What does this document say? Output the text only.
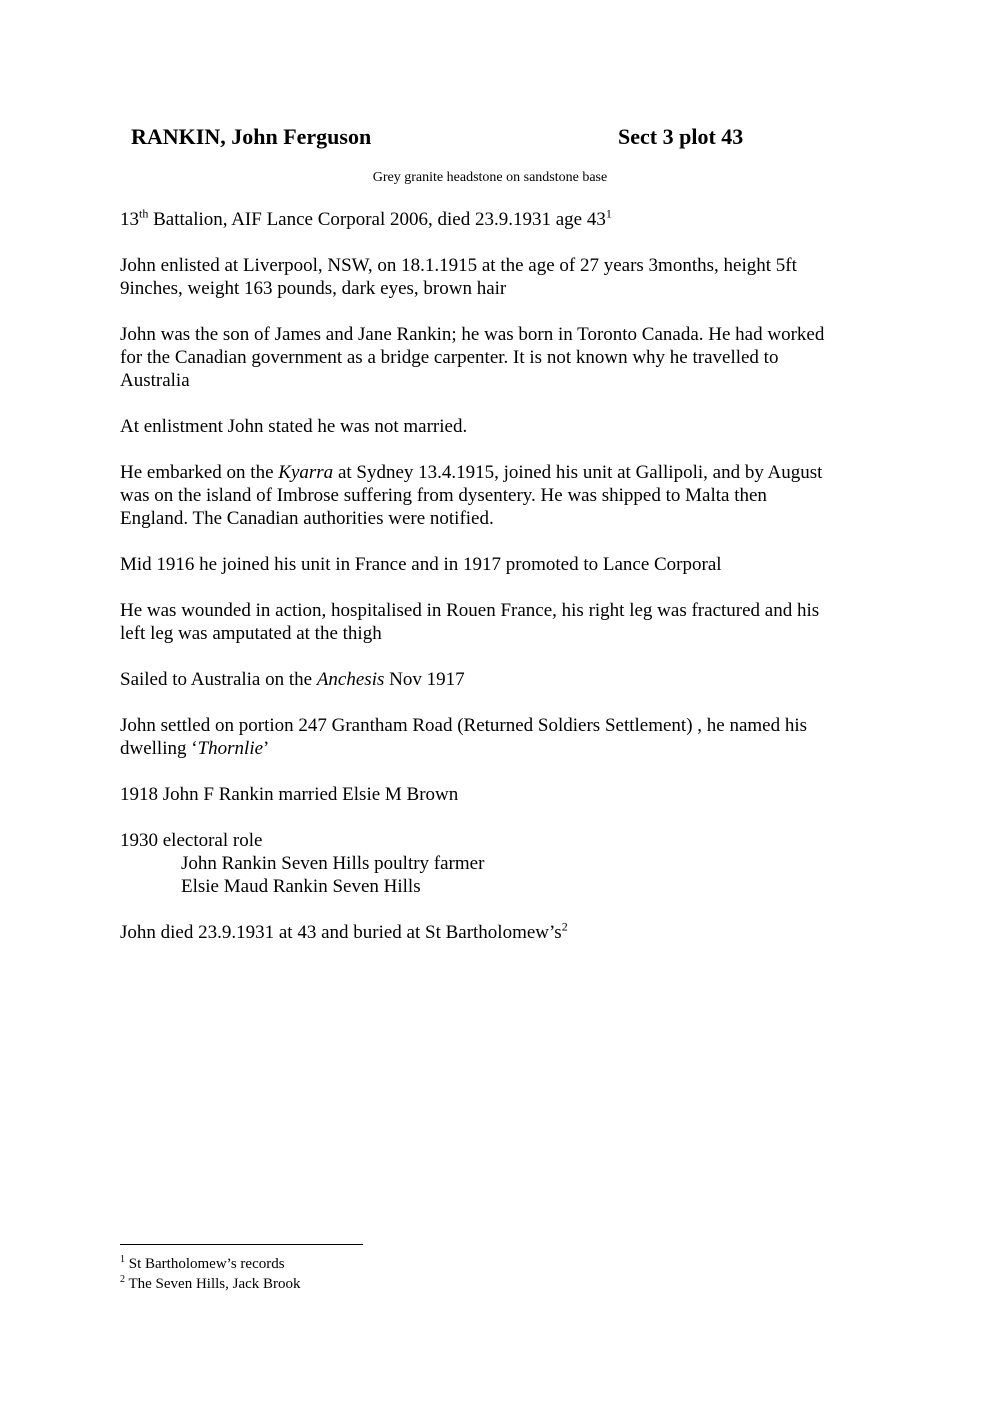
RANKIN, John Ferguson	Sect 3 plot 43
Grey granite headstone on sandstone base

13th Battalion, AIF Lance Corporal 2006, died 23.9.1931 age $43^1$

John enlisted at Liverpool, NSW, on 18.1.1915 at the age of 27 years 3months, height 5ft
9inches, weight 163 pounds, dark eyes, brown hair

John was the son of James and Jane Rankin; he was born in Toronto Canada. He had worked
for the Canadian government as a bridge carpenter. It is not known why he travelled to
Australia

At enlistment John stated he was not married.

He embarked on the Kyarra at Sydney 13.4.1915, joined his unit at Gallipoli, and by August
was on the island of Imbrose suffering from dysentery. He was shipped to Malta then
England. The Canadian authorities were notified.

Mid 1916 he joined his unit in France and in 1917 promoted to Lance Corporal

He was wounded in action, hospitalised in Rouen France, his right leg was fractured and his
left leg was amputated at the thigh

Sailed to Australia on the Anchesis Nov 1917

John settled on portion 247 Grantham Road (Returned Soldiers Settlement) , he named his
dwelling ‘Thornlie’

1918 John F Rankin married Elsie M Brown

1930 electoral role
John Rankin Seven Hills poultry farmer
Elsie Maud Rankin Seven Hills

John died 23.9.1931 at 43 and buried at St $Bartholomew’s^2$

$^1$ St Bartholomew’s records
$^2$ The Seven Hills, Jack Brook
